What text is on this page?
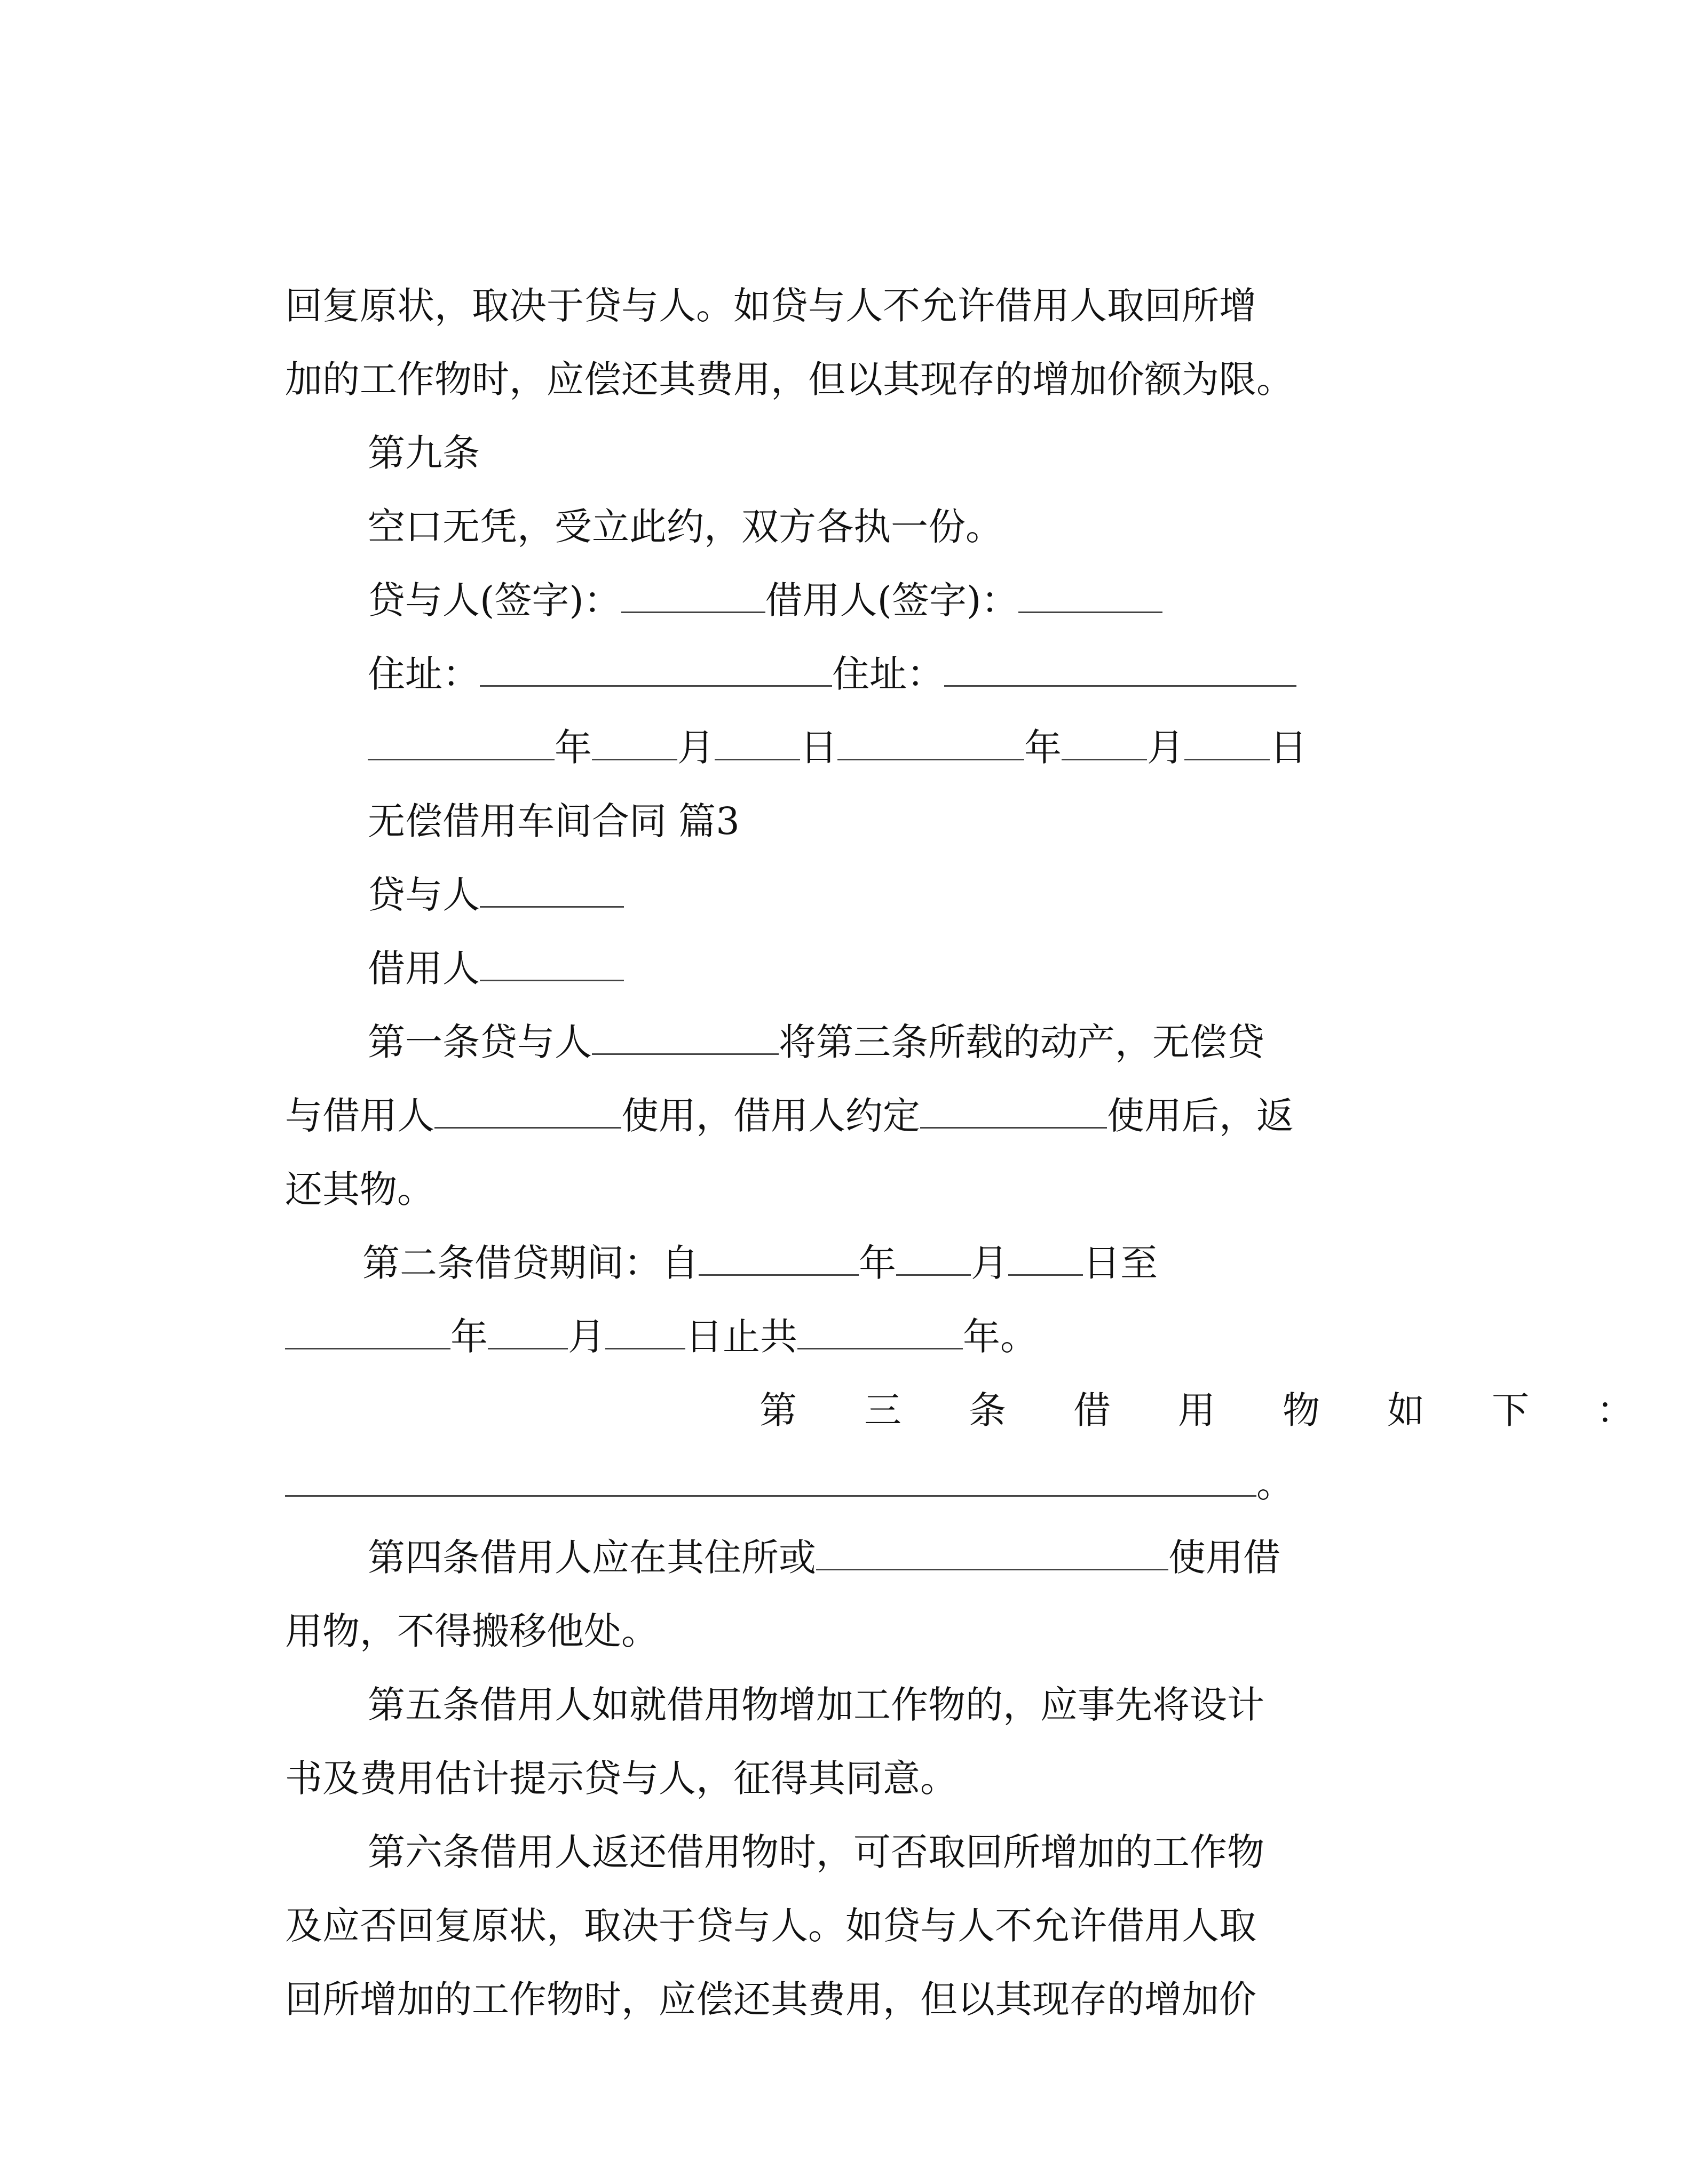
回复原状，取决于贷与人。如贷与人不允许借用人取回所增

加的工作物时，应偿还其费用，但以其现存的增加价额为限。

第九条

空口无凭，受立此约，双方各执一份。

贷与人(签字)：	借用人(签字)：

住址：	住址：

年 月 日	年 月 日

无偿借用车间合同 篇3

贷与人

借用人

第一条贷与人	将第三条所载的动产，无偿贷

与借用人	使用，借用人约定	使用后，返

还其物。

第二条借贷期间：自	年 月 日至

年 月 日止共	年。

第三条借用物如下：

。

第四条借用人应在其住所或	使用借

用物，不得搬移他处。

第五条借用人如就借用物增加工作物的，应事先将设计

书及费用估计提示贷与人，征得其同意。

第六条借用人返还借用物时，可否取回所增加的工作物

及应否回复原状，取决于贷与人。如贷与人不允许借用人取

回所增加的工作物时，应偿还其费用，但以其现存的增加价
